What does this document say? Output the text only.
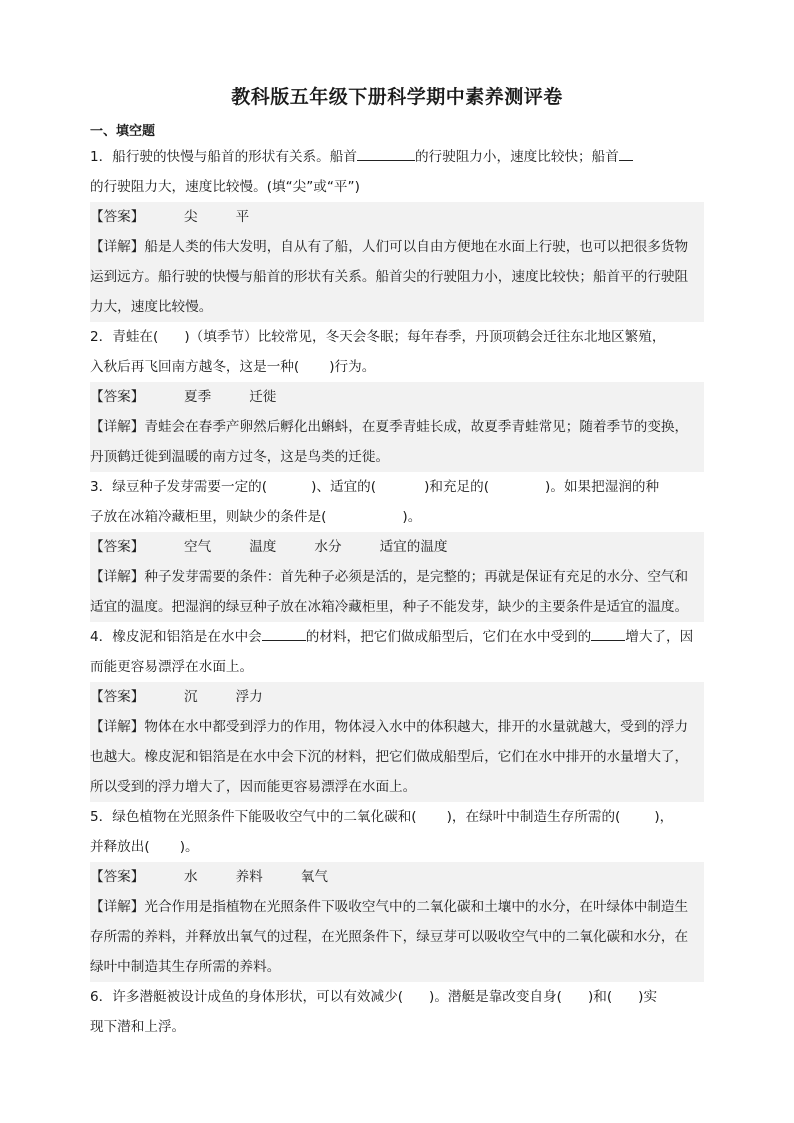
教科版五年级下册科学期中素养测评卷
一、填空题
1．船行驶的快慢与船首的形状有关系。船首	的行驶阻力小，速度比较快；船首
的行驶阻力大，速度比较慢。(填“尖”或“平”)
【答案】	尖	平
【详解】船是人类的伟大发明，自从有了船，人们可以自由方便地在水面上行驶，也可以把很多货物
运到远方。船行驶的快慢与船首的形状有关系。船首尖的行驶阻力小，速度比较快；船首平的行驶阻
力大，速度比较慢。
2．青蛙在( )（填季节）比较常见，冬天会冬眠；每年春季，丹顶项鹤会迁往东北地区繁殖，
入秋后再飞回南方越冬，这是一种( )行为。
【答案】	夏季	迁徙
【详解】青蛙会在春季产卵然后孵化出蝌蚪，在夏季青蛙长成，故夏季青蛙常见；随着季节的变换，
丹顶鹤迁徙到温暖的南方过冬，这是鸟类的迁徙。
3．绿豆种子发芽需要一定的(	)、适宜的(	)和充足的(	)。如果把湿润的种
子放在冰箱冷藏柜里，则缺少的条件是(	)。
【答案】	空气	温度	水分	适宜的温度
【详解】种子发芽需要的条件：首先种子必须是活的，是完整的；再就是保证有充足的水分、空气和
适宜的温度。把湿润的绿豆种子放在冰箱冷藏柜里，种子不能发芽，缺少的主要条件是适宜的温度。
4．橡皮泥和铝箔是在水中会	的材料，把它们做成船型后，它们在水中受到的	增大了，因
而能更容易漂浮在水面上。
【答案】	沉	浮力
【详解】物体在水中都受到浮力的作用，物体浸入水中的体积越大，排开的水量就越大，受到的浮力
也越大。橡皮泥和铝箔是在水中会下沉的材料，把它们做成船型后，它们在水中排开的水量增大了，
所以受到的浮力增大了，因而能更容易漂浮在水面上。
5．绿色植物在光照条件下能吸收空气中的二氧化碳和( )，在绿叶中制造生存所需的(	)，
并释放出( )。
【答案】	水	养料	氧气
【详解】光合作用是指植物在光照条件下吸收空气中的二氧化碳和土壤中的水分，在叶绿体中制造生
存所需的养料，并释放出氧气的过程，在光照条件下，绿豆芽可以吸收空气中的二氧化碳和水分，在
绿叶中制造其生存所需的养料。
6．许多潜艇被设计成鱼的身体形状，可以有效减少( )。潜艇是靠改变自身( )和( )实
现下潜和上浮。
